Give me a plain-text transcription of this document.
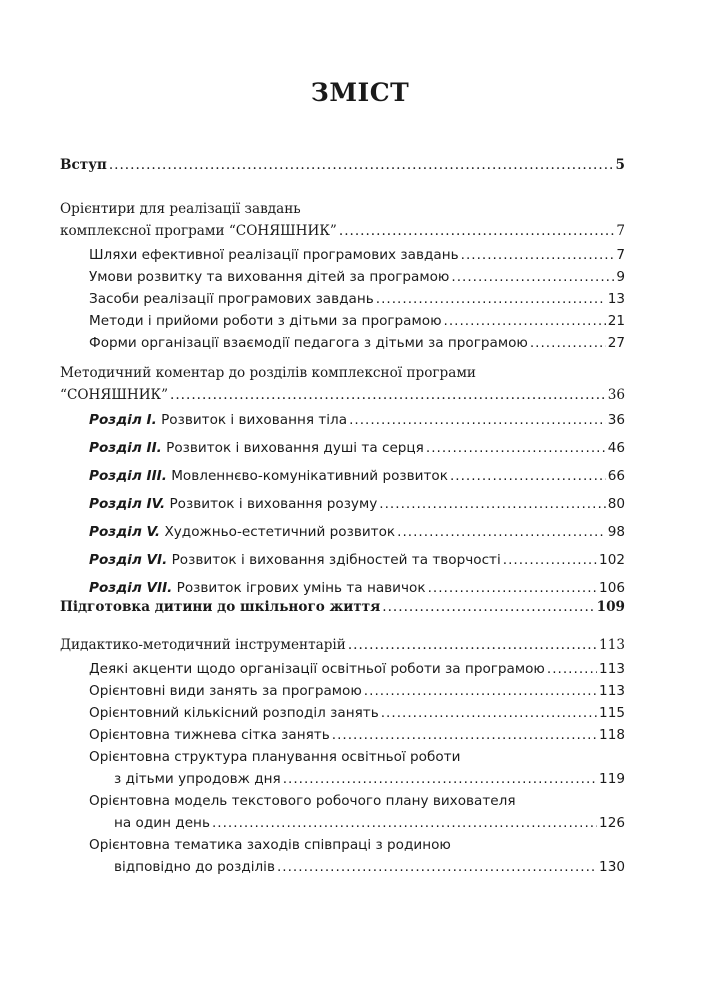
ЗМІСТ
Вступ .....	5
Орієнтири для реалізації завдань
комплексної програми “СОНЯШНИК” .....	7
Шляхи ефективної реалізації програмових завдань .....	7
Умови розвитку та виховання дітей за програмою .....	9
Засоби реалізації програмових завдань .....	13
Методи і прийоми роботи з дітьми за програмою .....	21
Форми організації взаємодії педагога з дітьми за програмою .....	27
Методичний коментар до розділів комплексної програми
“СОНЯШНИК” .....	36
Розділ I. Розвиток і виховання тіла .....	36
Розділ II. Розвиток і виховання душі та серця .....	46
Розділ III. Мовленнєво-комунікативний розвиток .....	66
Розділ IV. Розвиток і виховання розуму .....	80
Розділ V. Художньо-естетичний розвиток .....	98
Розділ VI. Розвиток і виховання здібностей та творчості .....	102
Розділ VII. Розвиток ігрових умінь та навичок .....	106
Підготовка дитини до шкільного життя .....	109
Дидактико-методичний інструментарій .....	113
Деякі акценти щодо організації освітньої роботи за програмою .....	113
Орієнтовні види занять за програмою .....	113
Орієнтовний кількісний розподіл занять .....	115
Орієнтовна тижнева сітка занять .....	118
Орієнтовна структура планування освітньої роботи
з дітьми упродовж дня .....	119
Орієнтовна модель текстового робочого плану вихователя
на один день .....	126
Орієнтовна тематика заходів співпраці з родиною
відповідно до розділів .....	130
